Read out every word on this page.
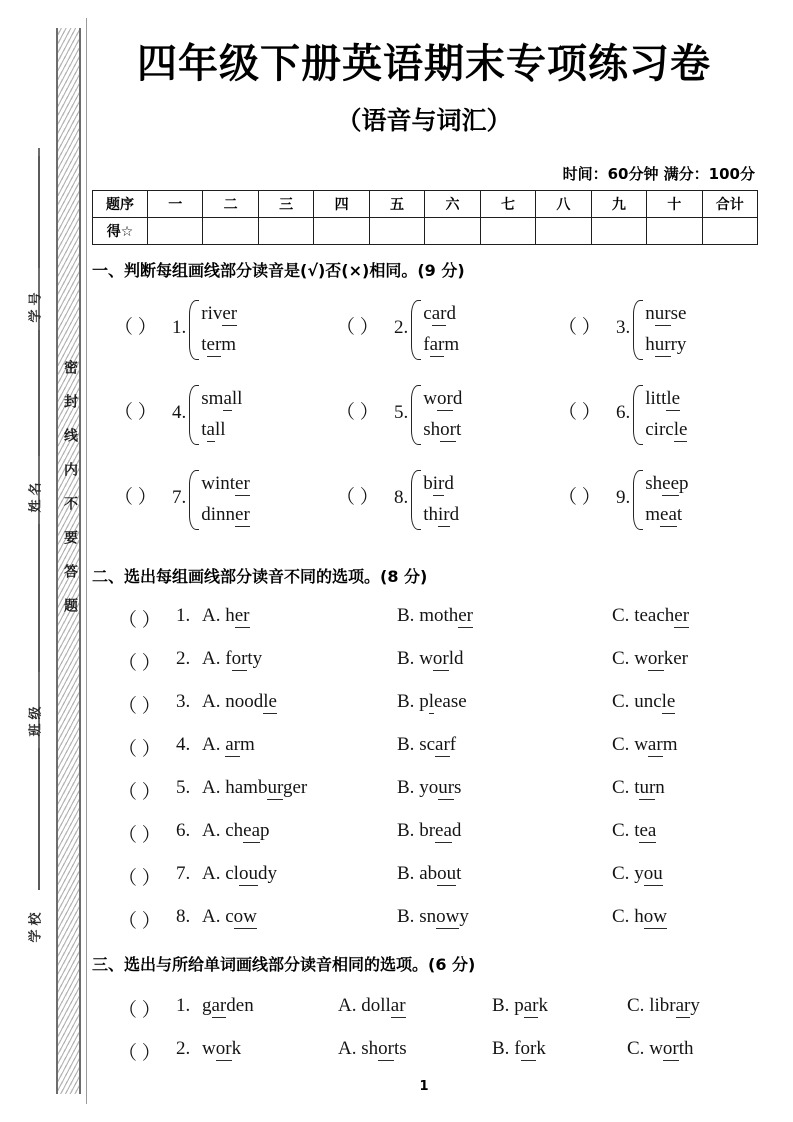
密封线内不要答题
学号
姓名
班级
学校
四年级下册英语期末专项练习卷
（语音与词汇）
时间：60分钟 满分：100分
题序	一	二	三	四	五	六	七	八	九	十	合计
得☆											
一、判断每组画线部分读音是(√)否(×)相同。(9 分)
（ ） 1.
river
term
（ ） 2.
card
farm
（ ） 3.
nurse
hurry
（ ） 4.
small
tall
（ ） 5.
word
short
（ ） 6.
little
circle
（ ） 7.
winter
dinner
（ ） 8.
bird
third
（ ） 9.
sheep
meat
二、选出每组画线部分读音不同的选项。(8 分)
（ ） 1. A. her	B. mother	C. teacher
（ ） 2. A. forty	B. world	C. worker
（ ） 3. A. noodle	B. please	C. uncle
（ ） 4. A. arm	B. scarf	C. warm
（ ） 5. A. hamburger	B. yours	C. turn
（ ） 6. A. cheap	B. bread	C. tea
（ ） 7. A. cloudy	B. about	C. you
（ ） 8. A. cow	B. snowy	C. how
三、选出与所给单词画线部分读音相同的选项。(6 分)
（ ） 1. garden	A. dollar	B. park	C. library
（ ） 2. work	A. shorts	B. fork	C. worth
1
